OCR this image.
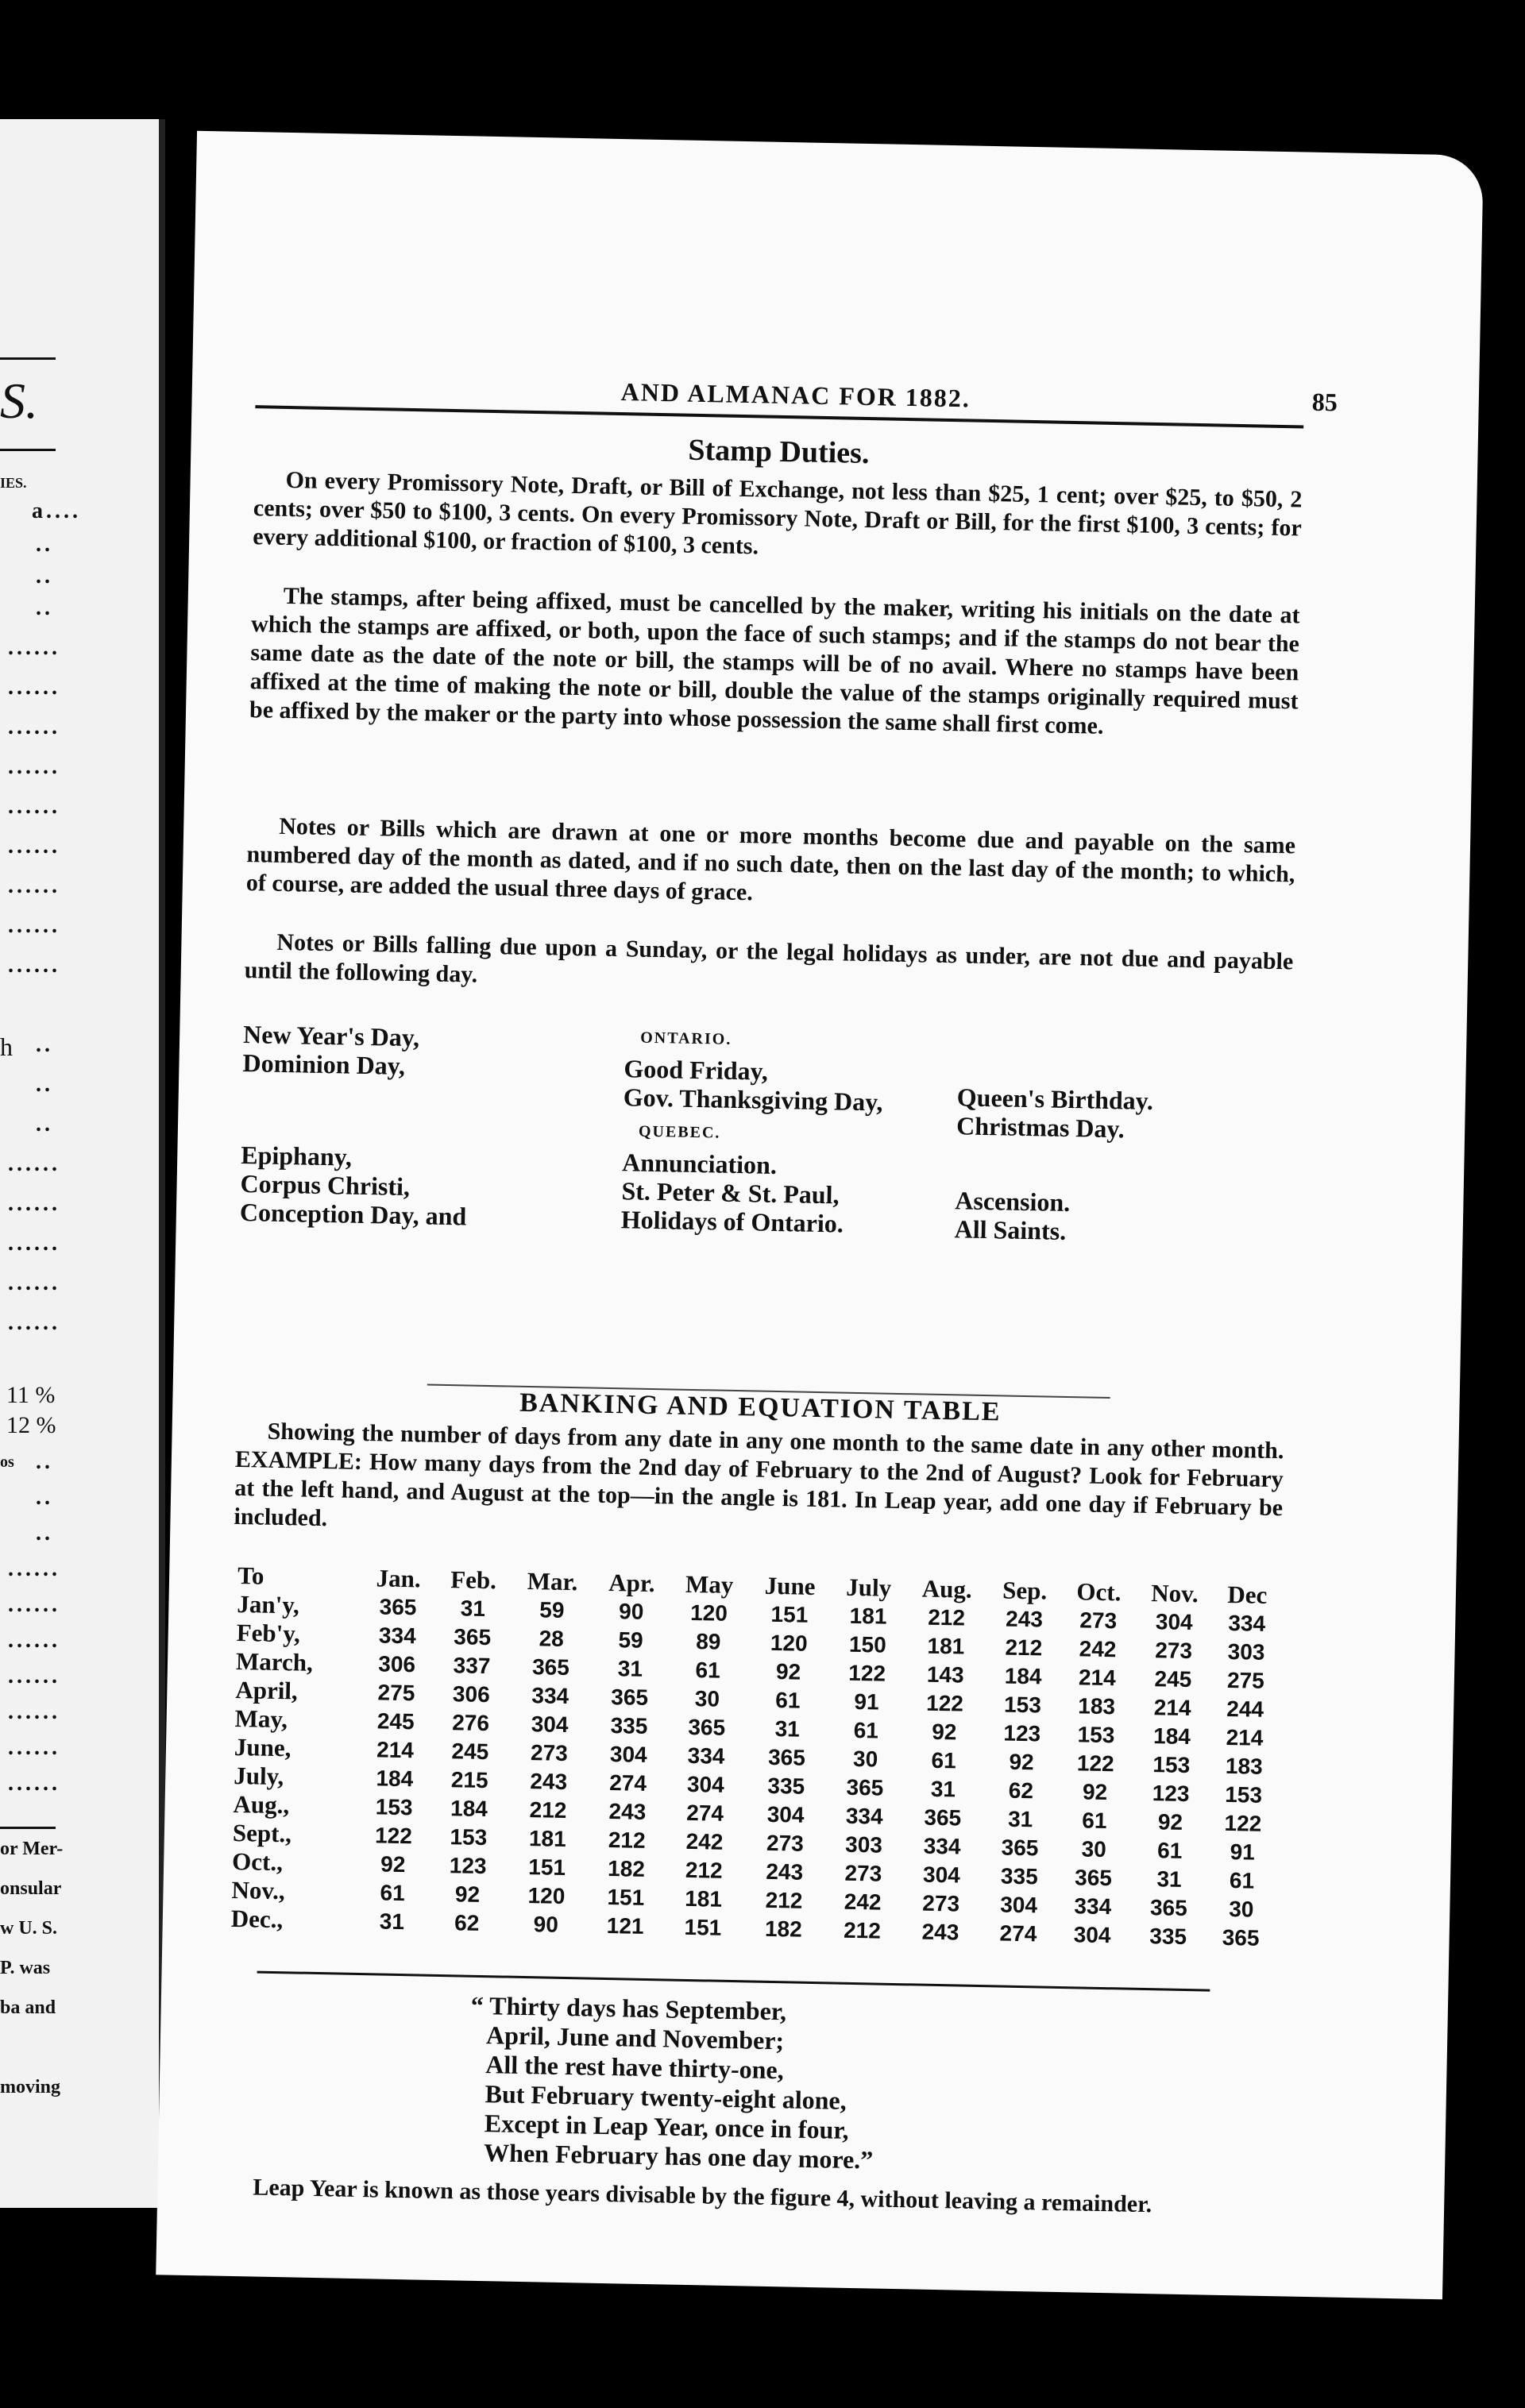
S.
IES.
a....
..
..
..
......
......
......
......
......
......
......
......
......
h ..
..
..
......
......
......
......
......
11 %
12 %
os ..
..
..
......
......
......
......
......
......
......
or Mer-
onsular
w U. S.
P. was
ba and
moving
AND ALMANAC FOR 1882.	85
Stamp Duties.
On every Promissory Note, Draft, or Bill of Exchange, not less than $25, 1 cent; over $25, to $50, 2 cents; over $50 to $100, 3 cents. On every Promissory Note, Draft or Bill, for the first $100, 3 cents; for every additional $100, or fraction of $100, 3 cents.
The stamps, after being affixed, must be cancelled by the maker, writing his initials on the date at which the stamps are affixed, or both, upon the face of such stamps; and if the stamps do not bear the same date as the date of the note or bill, the stamps will be of no avail. Where no stamps have been affixed at the time of making the note or bill, double the value of the stamps originally required must be affixed by the maker or the party into whose possession the same shall first come.
Notes or Bills which are drawn at one or more months become due and payable on the same numbered day of the month as dated, and if no such date, then on the last day of the month; to which, of course, are added the usual three days of grace.
Notes or Bills falling due upon a Sunday, or the legal holidays as under, are not due and payable until the following day.
ONTARIO.
New Year's Day,
Dominion Day,	Good Friday,
Gov. Thanksgiving Day,	Queen's Birthday.
Christmas Day.
QUEBEC.
Epiphany,
Corpus Christi,
Conception Day, and
Annunciation.
St. Peter & St. Paul,
Holidays of Ontario.
Ascension.
All Saints.
BANKING AND EQUATION TABLE
Showing the number of days from any date in any one month to the same date in any other month. EXAMPLE: How many days from the 2nd day of February to the 2nd of August? Look for February at the left hand, and August at the top—in the angle is 181. In Leap year, add one day if February be included.
To	Jan.	Feb.	Mar.	Apr.	May	June	July	Aug.	Sep.	Oct.	Nov.	Dec
Jan'y,	365	31	59	90	120	151	181	212	243	273	304	334
Feb'y,	334	365	28	59	89	120	150	181	212	242	273	303
March,	306	337	365	31	61	92	122	143	184	214	245	275
April,	275	306	334	365	30	61	91	122	153	183	214	244
May,	245	276	304	335	365	31	61	92	123	153	184	214
June,	214	245	273	304	334	365	30	61	92	122	153	183
July,	184	215	243	274	304	335	365	31	62	92	123	153
Aug.,	153	184	212	243	274	304	334	365	31	61	92	122
Sept.,	122	153	181	212	242	273	303	334	365	30	61	91
Oct.,	92	123	151	182	212	243	273	304	335	365	31	61
Nov.,	61	92	120	151	181	212	242	273	304	334	365	30
Dec.,	31	62	90	121	151	182	212	243	274	304	335	365
“ Thirty days has September,
April, June and November;
All the rest have thirty-one,
But February twenty-eight alone,
Except in Leap Year, once in four,
When February has one day more.”
Leap Year is known as those years divisable by the figure 4, without leaving a remainder.
